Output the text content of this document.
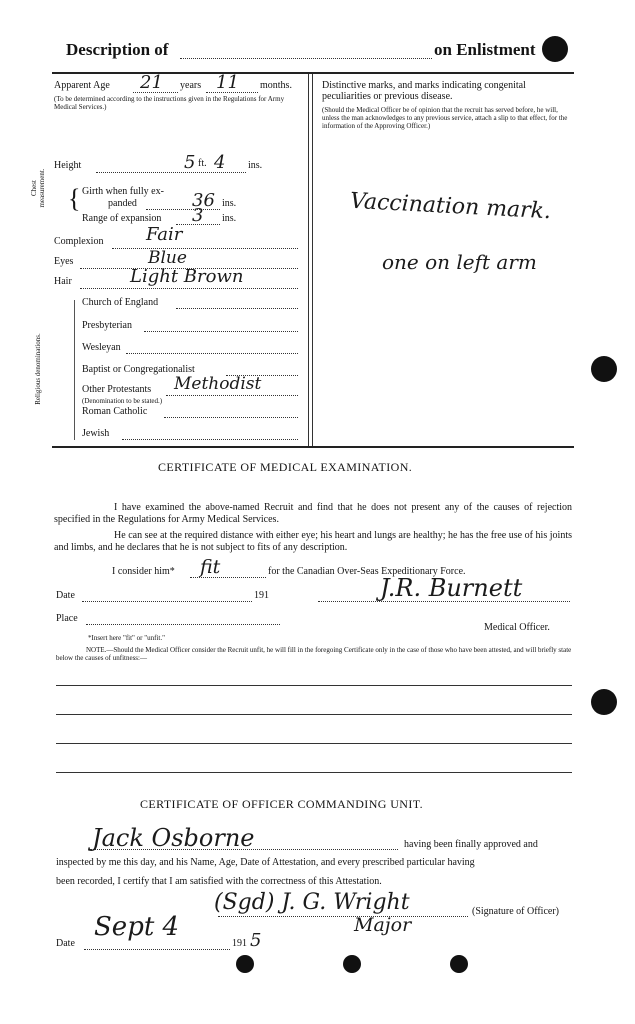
Description of	on Enlistment
Apparent Age 21 years 11 months.
(To be determined according to the instructions given in the Regulations for Army Medical Services.)
Height	5 ft. 4 ins.
Chest measurement. { Girth when fully ex-
panded	36 ins.
Range of expansion 3 ins.
Complexion Fair
Eyes	Blue
Hair	Light Brown
Religious denominations.
Church of England
Presbyterian
Wesleyan
Baptist or Congregationalist
Other Protestants Methodist
(Denomination to be stated.)
Roman Catholic
Jewish
Distinctive marks, and marks indicating congenital peculiarities or previous disease.
(Should the Medical Officer be of opinion that the recruit has served before, he will, unless the man acknowledges to any previous service, attach a slip to that effect, for the information of the Approving Officer.)
Vaccination mark.
one on left arm
CERTIFICATE OF MEDICAL EXAMINATION.
I have examined the above-named Recruit and find that he does not present any of the causes of rejection specified in the Regulations for Army Medical Services.
He can see at the required distance with either eye; his heart and lungs are healthy; he has the free use of his joints and limbs, and he declares that he is not subject to fits of any description.
I consider him* fit	for the Canadian Over-Seas Expeditionary Force.
Date	191	J.R. Burnett
Place
Medical Officer.
*Insert here "fit" or "unfit."
NOTE.—Should the Medical Officer consider the Recruit unfit, he will fill in the foregoing Certificate only in the case of those who have been attested, and will briefly state below the causes of unfitness:—
CERTIFICATE OF OFFICER COMMANDING UNIT.
Jack Osborne	having been finally approved and
inspected by me this day, and his Name, Age, Date of Attestation, and every prescribed particular having
been recorded, I certify that I am satisfied with the correctness of this Attestation.
(Sgd) J. G. Wright
Major
(Signature of Officer)
Date
Sept 4
191 5
